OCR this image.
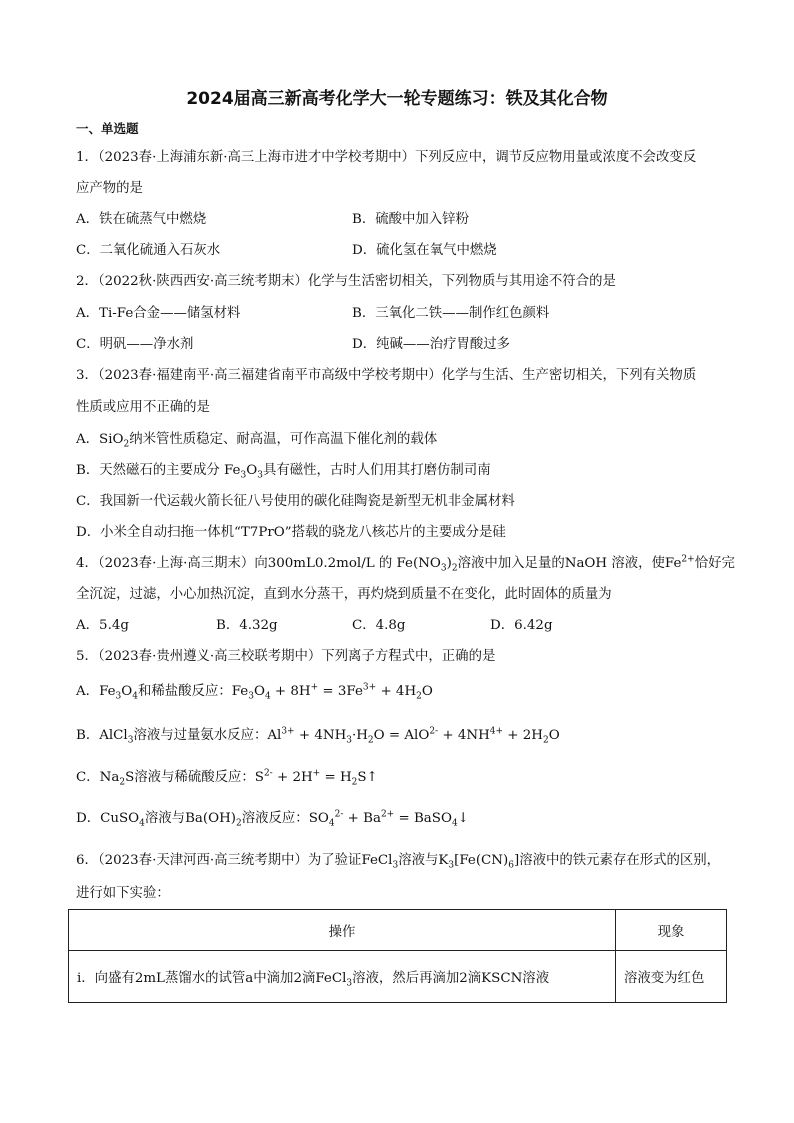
2024届高三新高考化学大一轮专题练习：铁及其化合物
一、单选题
1．（2023春·上海浦东新·高三上海市进才中学校考期中）下列反应中，调节反应物用量或浓度不会改变反
应产物的是
A．铁在硫蒸气中燃烧	B．硫酸中加入锌粉
C．二氧化硫通入石灰水	D．硫化氢在氧气中燃烧
2．（2022秋·陕西西安·高三统考期末）化学与生活密切相关，下列物质与其用途不符合的是
A．Ti-Fe合金——储氢材料	B．三氧化二铁——制作红色颜料
C．明矾——净水剂	D．纯碱——治疗胃酸过多
3．（2023春·福建南平·高三福建省南平市高级中学校考期中）化学与生活、生产密切相关，下列有关物质
性质或应用不正确的是
A．SiO$_2$纳米管性质稳定、耐高温，可作高温下催化剂的载体
B．天然磁石的主要成分 $Fe_3O_3$具有磁性，古时人们用其打磨仿制司南
C．我国新一代运载火箭长征八号使用的碳化硅陶瓷是新型无机非金属材料
D．小米全自动扫拖一体机“T7PrO”搭载的骁龙八核芯片的主要成分是硅
4．（2023春·上海·高三期末）向300mL0.2mol/L 的 $Fe(NO_3)_2$溶液中加入足量的NaOH 溶液，使$Fe^{2+}$恰好完
全沉淀，过滤，小心加热沉淀，直到水分蒸干，再灼烧到质量不在变化，此时固体的质量为
A．5.4g	B．4.32g	C．4.8g	D．6.42g
5．（2023春·贵州遵义·高三校联考期中）下列离子方程式中，正确的是
A．$Fe_3O_4$和稀盐酸反应：$Fe_3O_4 + 8H^+ = 3Fe^{3+} + 4H_2O$
B．AlCl$_3$溶液与过量氨水反应：$Al^{3+} + 4NH_3\cdot H_2O = AlO^{2-} + 4NH^{4+} + 2H_2O$
C．$Na_2S$溶液与稀硫酸反应：$S^{2-} + 2H^+$ = $H_2S↑$
D．CuSO$_4$溶液与$Ba(OH)_2$溶液反应：$SO_4^{2-} + Ba^{2+}$ = BaSO$_4$↓
6．（2023春·天津河西·高三统考期中）为了验证FeCl$_3$溶液与$K_3[Fe(CN)_6]$溶液中的铁元素存在形式的区别，
进行如下实验：
操作	现象
ⅰ．向盛有2mL蒸馏水的试管a中滴加2滴FeCl$_3$溶液，然后再滴加2滴KSCN溶液	溶液变为红色
